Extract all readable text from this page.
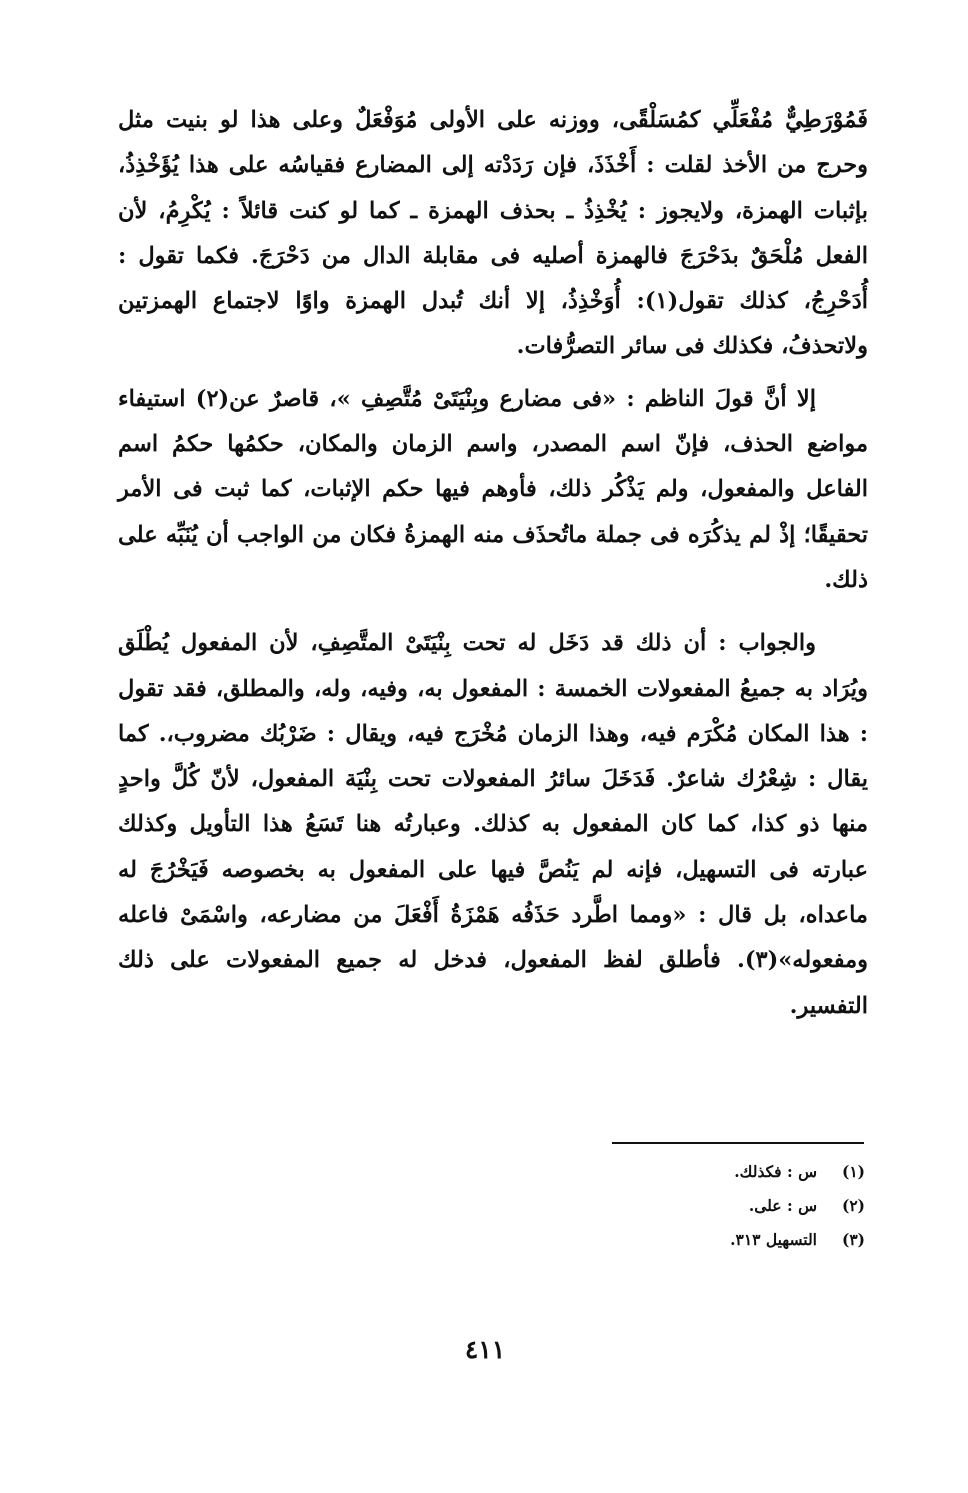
فَمُوْرَطِيٌّ مُفْعَلِّي كمُسَلْقًى، ووزنه على الأولى مُوَفْعَلٌ وعلى هذا لو بنيت مثل وحرج من الأخذ لقلت : أَخْذَذَ، فإن رَدَدْته إلى المضارع فقياسُه على هذا يُؤَخْذِذُ، بإثبات الهمزة، ولايجوز : يُخْذِذُ ـ بحذف الهمزة ـ كما لو كنت قائلاً : يُكْرِمُ، لأن الفعل مُلْحَقٌ بدَحْرَجَ فالهمزة أصليه فى مقابلة الدال من دَحْرَجَ. فكما تقول : أُدَحْرِجُ، كذلك تقول(١): أُوَخْذِذُ، إلا أنك تُبدل الهمزة واوًا لاجتماع الهمزتين ولاتحذفُ، فكذلك فى سائر التصرُّفات.

إلا أنَّ قولَ الناظم : «فى مضارع وبِنْيَتَىْ مُتَّصِفِ »، قاصرٌ عن(٢) استيفاء مواضع الحذف، فإنّ اسم المصدر، واسم الزمان والمكان، حكمُها حكمُ اسم الفاعل والمفعول، ولم يَذْكُر ذلك، فأوهم فيها حكم الإثبات، كما ثبت فى الأمر تحقيقًا؛ إذْ لم يذكُرَه فى جملة ماتُحذَف منه الهمزةُ فكان من الواجب أن يُنَبِّه على ذلك.

والجواب : أن ذلك قد دَخَل له تحت بِنْيَتَىْ المتَّصِفِ، لأن المفعول يُطْلَق ويُرَاد به جميعُ المفعولات الخمسة : المفعول به، وفيه، وله، والمطلق، فقد تقول : هذا المكان مُكْرَم فيه، وهذا الزمان مُخْرَج فيه، ويقال : ضَرْبُك مضروب،. كما يقال : شِعْرُك شاعرٌ. فَدَخَلَ سائرُ المفعولات تحت بِنْيَة المفعول، لأنّ كُلَّ واحدٍ منها ذو كذا، كما كان المفعول به كذلك. وعبارتُه هنا تَسَعُ هذا التأويل وكذلك عبارته فى التسهيل، فإنه لم يَنُصَّ فيها على المفعول به بخصوصه فَيَخْرُجَ له ماعداه، بل قال : «ومما اطَّرد حَذَفُه هَمْزَةُ أَفْعَلَ من مضارعه، واسْمَىْ فاعله ومفعوله»(٣). فأطلق لفظ المفعول، فدخل له جميع المفعولات على ذلك التفسير.

(١)
س : فكذلك.
(٢)
س : على.
(٣)
التسهيل ٣١٣.
٤١١
